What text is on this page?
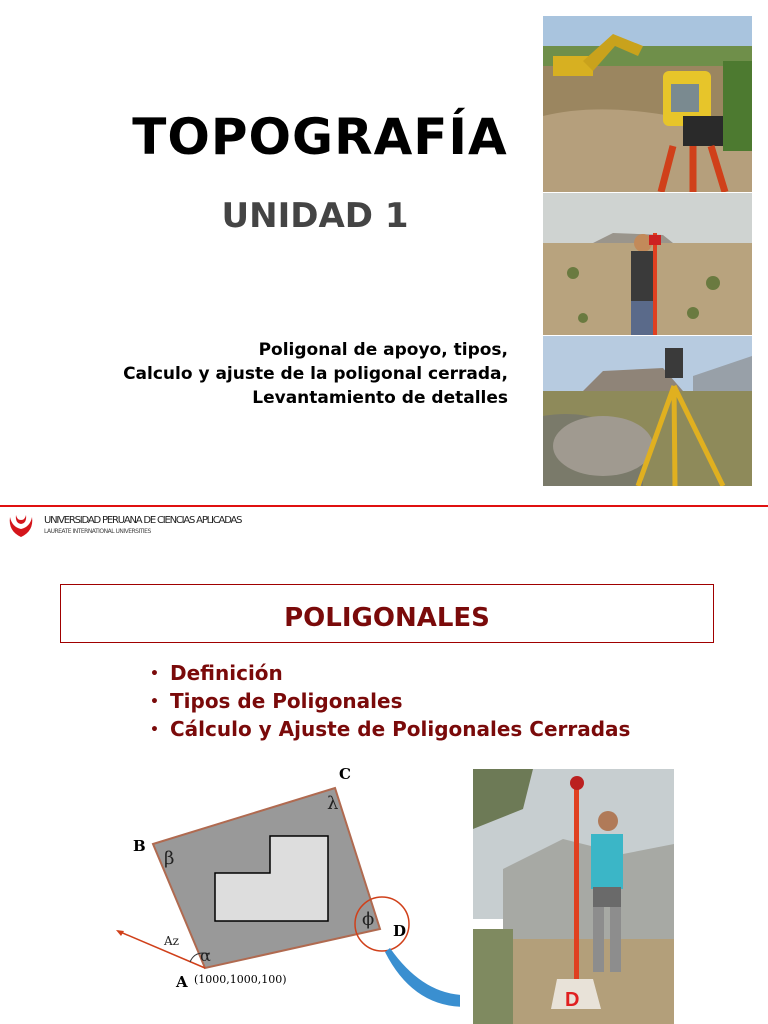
TOPOGRAFÍA
UNIDAD 1
Poligonal de apoyo, tipos,
Calculo y ajuste de la poligonal cerrada,
Levantamiento de detalles
UNIVERSIDAD PERUANA DE CIENCIAS APLICADAS
LAUREATE INTERNATIONAL UNIVERSITIES
POLIGONALES
• Definición
• Tipos de Poligonales
• Cálculo y Ajuste de Poligonales Cerradas
B
C
D
A (1000,1000,100)
β
λ
ϕ
α
Az
D
